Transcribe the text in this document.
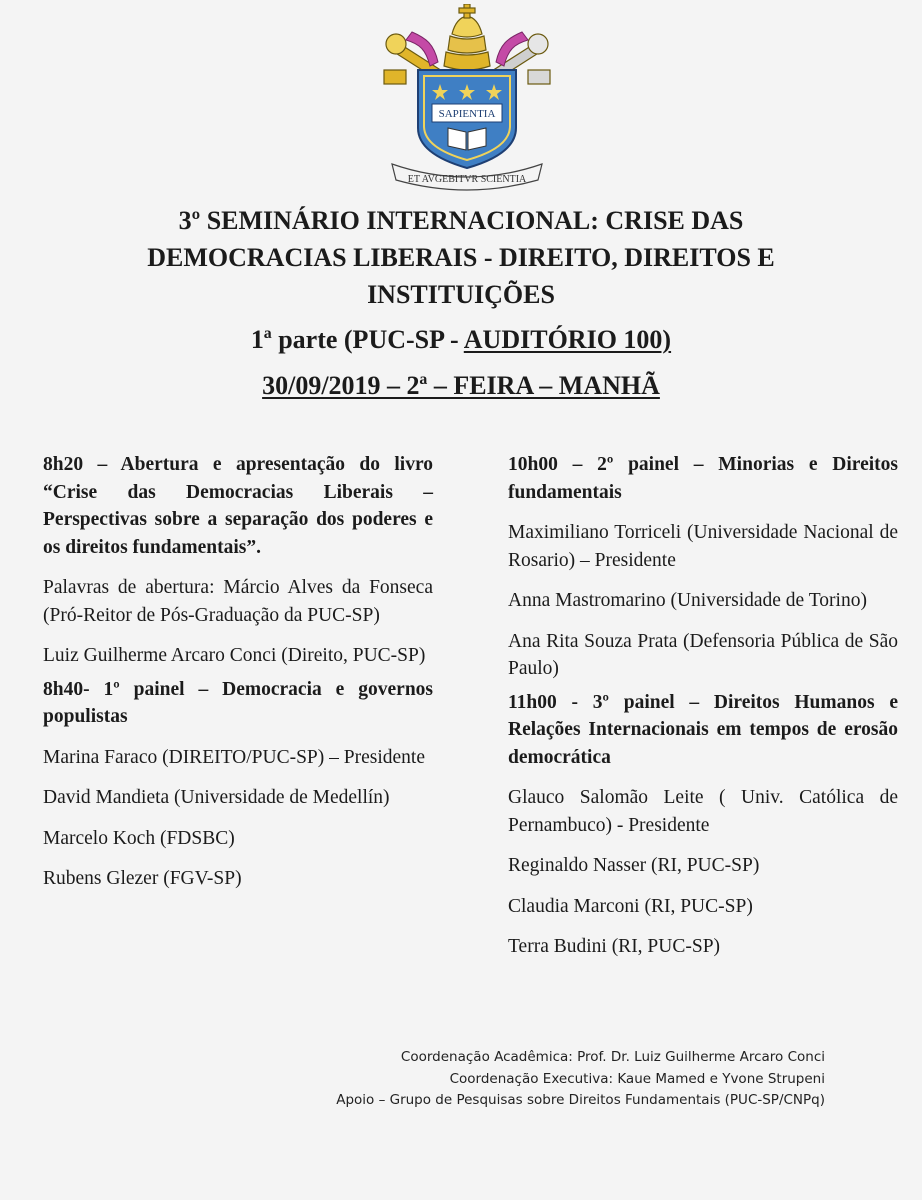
SAPIENTIA
ET AVGEBITVR SCIENTIA
3º SEMINÁRIO INTERNACIONAL: CRISE DAS
DEMOCRACIAS LIBERAIS - DIREITO, DIREITOS E
INSTITUIÇÕES
1ª parte (PUC-SP - AUDITÓRIO 100)
30/09/2019 – 2ª – FEIRA – MANHÃ

8h20 – Abertura e apresentação do livro “Crise das Democracias Liberais – Perspectivas sobre a separação dos poderes e os direitos fundamentais”.

Palavras de abertura: Márcio Alves da Fonseca (Pró-Reitor de Pós-Graduação da PUC-SP)

Luiz Guilherme Arcaro Conci (Direito, PUC-SP)

8h40- 1º painel – Democracia e governos populistas

Marina Faraco (DIREITO/PUC-SP) – Presidente

David Mandieta (Universidade de Medellín)

Marcelo Koch (FDSBC)

Rubens Glezer (FGV-SP)

10h00 – 2º painel – Minorias e Direitos fundamentais

Maximiliano Torriceli (Universidade Nacional de Rosario) – Presidente

Anna Mastromarino (Universidade de Torino)

Ana Rita Souza Prata (Defensoria Pública de São Paulo)

11h00 - 3º painel – Direitos Humanos e Relações Internacionais em tempos de erosão democrática

Glauco Salomão Leite ( Univ. Católica de Pernambuco) - Presidente

Reginaldo Nasser (RI, PUC-SP)

Claudia Marconi (RI, PUC-SP)

Terra Budini (RI, PUC-SP)

Coordenação Acadêmica: Prof. Dr. Luiz Guilherme Arcaro Conci
Coordenação Executiva: Kaue Mamed e Yvone Strupeni
Apoio – Grupo de Pesquisas sobre Direitos Fundamentais (PUC-SP/CNPq)
